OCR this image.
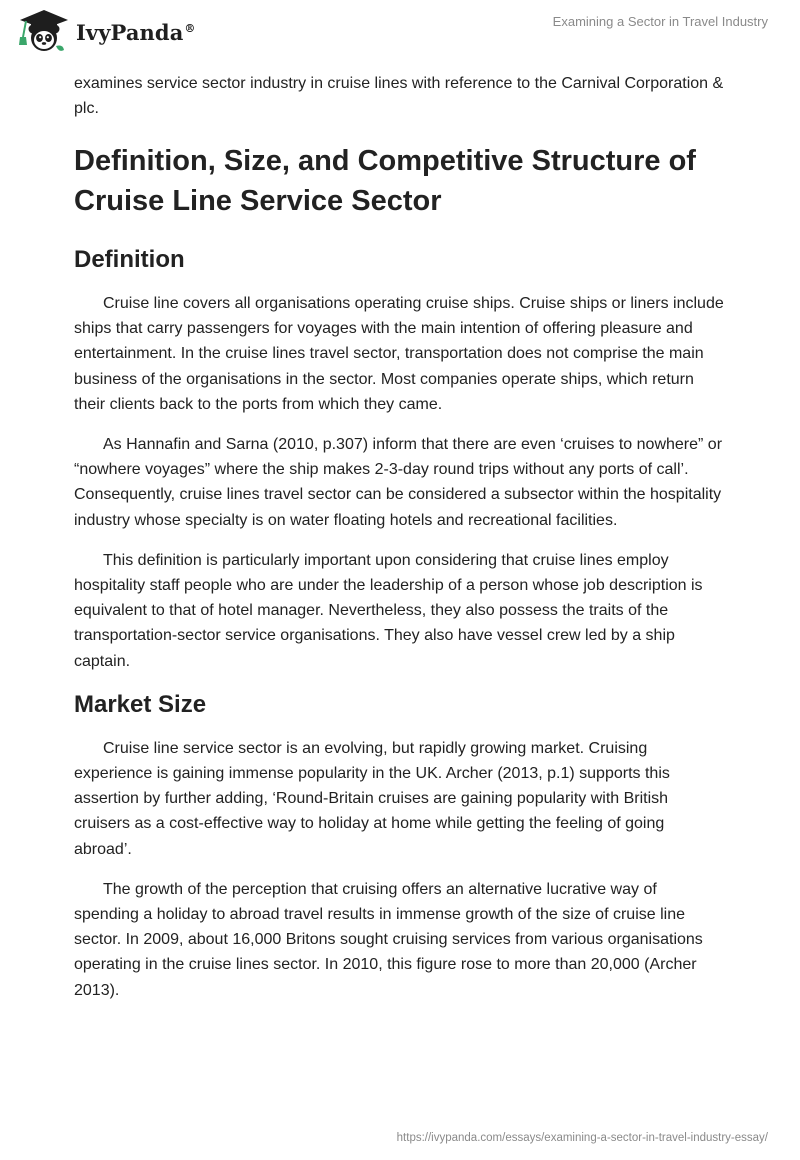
IvyPanda®	Examining a Sector in Travel Industry

examines service sector industry in cruise lines with reference to the Carnival Corporation & plc.

Definition, Size, and Competitive Structure of Cruise Line Service Sector
Definition

Cruise line covers all organisations operating cruise ships. Cruise ships or liners include ships that carry passengers for voyages with the main intention of offering pleasure and entertainment. In the cruise lines travel sector, transportation does not comprise the main business of the organisations in the sector. Most companies operate ships, which return their clients back to the ports from which they came.

As Hannafin and Sarna (2010, p.307) inform that there are even ‘cruises to nowhere” or “nowhere voyages” where the ship makes 2-3-day round trips without any ports of call’. Consequently, cruise lines travel sector can be considered a subsector within the hospitality industry whose specialty is on water floating hotels and recreational facilities.

This definition is particularly important upon considering that cruise lines employ hospitality staff people who are under the leadership of a person whose job description is equivalent to that of hotel manager. Nevertheless, they also possess the traits of the transportation-sector service organisations. They also have vessel crew led by a ship captain.

Market Size

Cruise line service sector is an evolving, but rapidly growing market. Cruising experience is gaining immense popularity in the UK. Archer (2013, p.1) supports this assertion by further adding, ‘Round-Britain cruises are gaining popularity with British cruisers as a cost-effective way to holiday at home while getting the feeling of going abroad’.

The growth of the perception that cruising offers an alternative lucrative way of spending a holiday to abroad travel results in immense growth of the size of cruise line sector. In 2009, about 16,000 Britons sought cruising services from various organisations operating in the cruise lines sector. In 2010, this figure rose to more than 20,000 (Archer 2013).

https://ivypanda.com/essays/examining-a-sector-in-travel-industry-essay/
